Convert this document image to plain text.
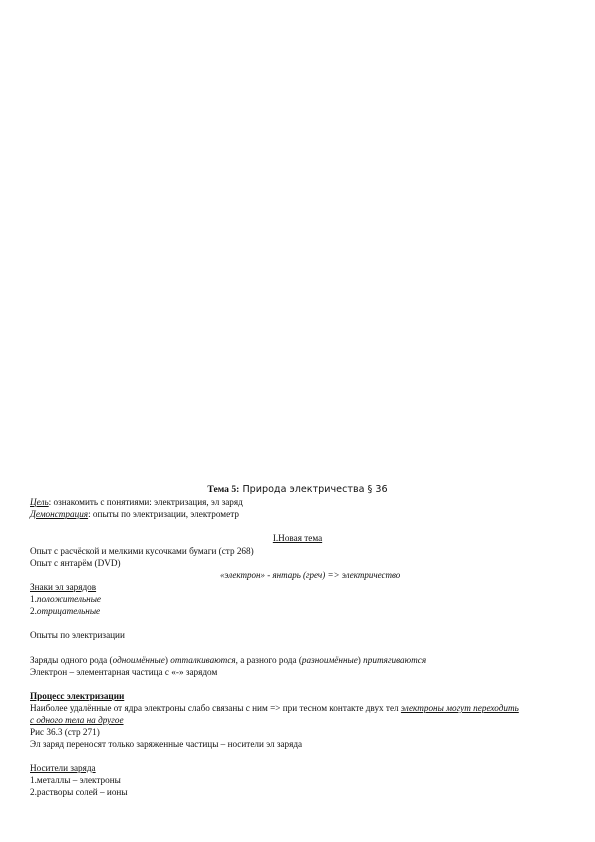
Тема 5: Природа электричества § 36
Цель: ознакомить с понятиями: электризация, эл заряд
Демонстрация: опыты по электризации, электрометр
I.Новая тема
Опыт с расчёской и мелкими кусочками бумаги (стр 268)
Опыт с янтарём (DVD)
«электрон» - янтарь (греч) => электричество
Знаки эл зарядов
1.положительные
2.отрицательные
Опыты по электризации
Заряды одного рода (одноимённые) отталкиваются, а разного рода (разноимённые) притягиваются
Электрон – элементарная частица с «-» зарядом
Процесс электризации
Наиболее удалённые от ядра электроны слабо связаны с ним => при тесном контакте двух тел электроны могут переходить
с одного тела на другое
Рис 36.3 (стр 271)
Эл заряд переносят только заряженные частицы – носители эл заряда
Носители заряда
1.металлы – электроны
2.растворы солей – ионы
